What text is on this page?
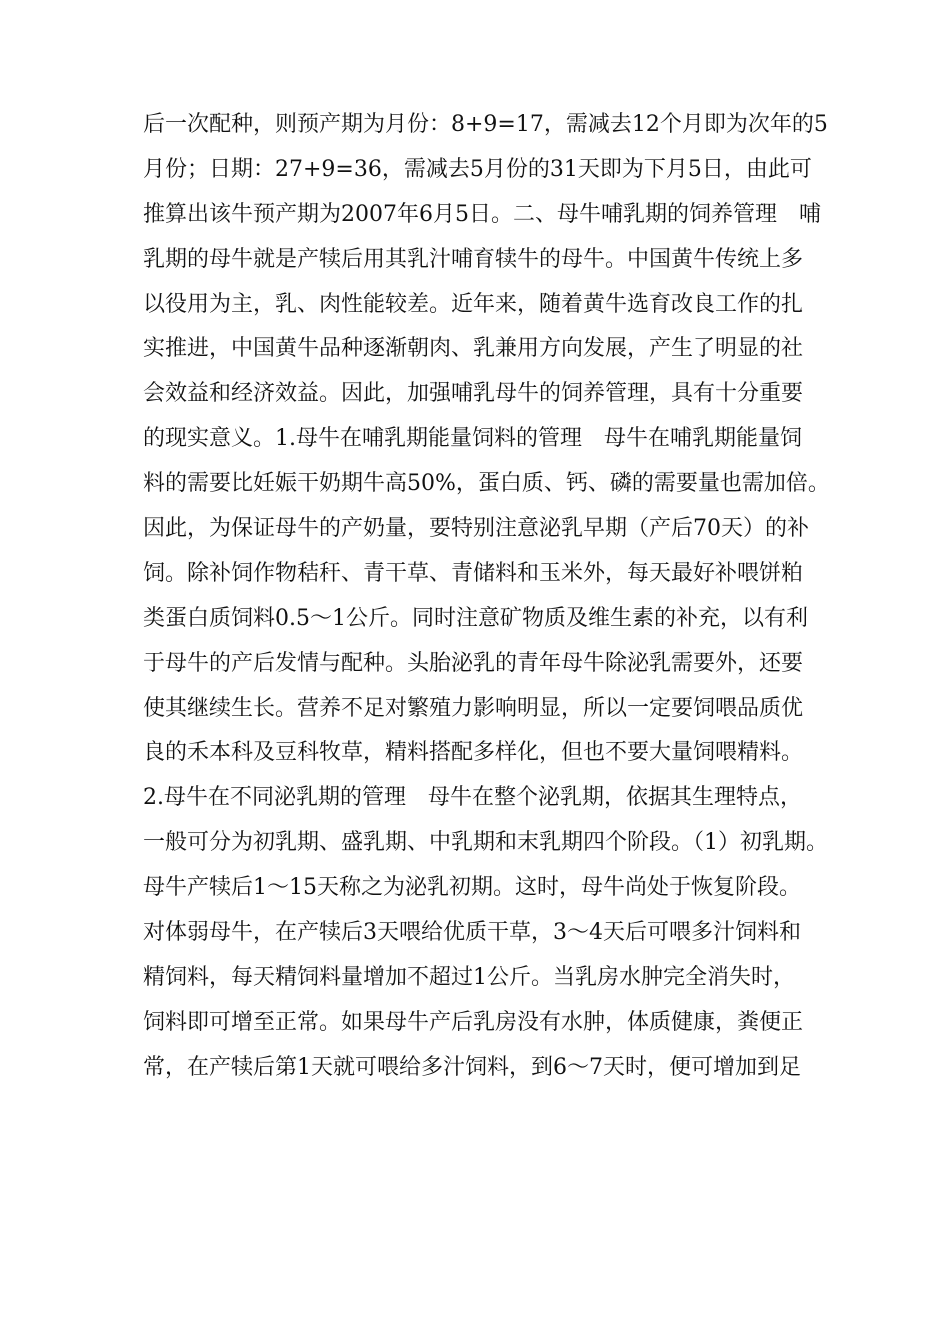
后一次配种，则预产期为月份：8+9=17，需减去12个月即为次年的5
月份；日期：27+9=36，需减去5月份的31天即为下月5日，由此可
推算出该牛预产期为2007年6月5日。二、母牛哺乳期的饲养管理　哺
乳期的母牛就是产犊后用其乳汁哺育犊牛的母牛。中国黄牛传统上多
以役用为主，乳、肉性能较差。近年来，随着黄牛选育改良工作的扎
实推进，中国黄牛品种逐渐朝肉、乳兼用方向发展，产生了明显的社
会效益和经济效益。因此，加强哺乳母牛的饲养管理，具有十分重要
的现实意义。1.母牛在哺乳期能量饲料的管理　母牛在哺乳期能量饲
料的需要比妊娠干奶期牛高50%，蛋白质、钙、磷的需要量也需加倍。
因此，为保证母牛的产奶量，要特别注意泌乳早期（产后70天）的补
饲。除补饲作物秸秆、青干草、青储料和玉米外，每天最好补喂饼粕
类蛋白质饲料0.5～1公斤。同时注意矿物质及维生素的补充，以有利
于母牛的产后发情与配种。头胎泌乳的青年母牛除泌乳需要外，还要
使其继续生长。营养不足对繁殖力影响明显，所以一定要饲喂品质优
良的禾本科及豆科牧草，精料搭配多样化，但也不要大量饲喂精料。
2.母牛在不同泌乳期的管理　母牛在整个泌乳期，依据其生理特点，
一般可分为初乳期、盛乳期、中乳期和末乳期四个阶段。（1）初乳期。
母牛产犊后1～15天称之为泌乳初期。这时，母牛尚处于恢复阶段。
对体弱母牛，在产犊后3天喂给优质干草，3～4天后可喂多汁饲料和
精饲料，每天精饲料量增加不超过1公斤。当乳房水肿完全消失时，
饲料即可增至正常。如果母牛产后乳房没有水肿，体质健康，粪便正
常，在产犊后第1天就可喂给多汁饲料，到6～7天时，便可增加到足
